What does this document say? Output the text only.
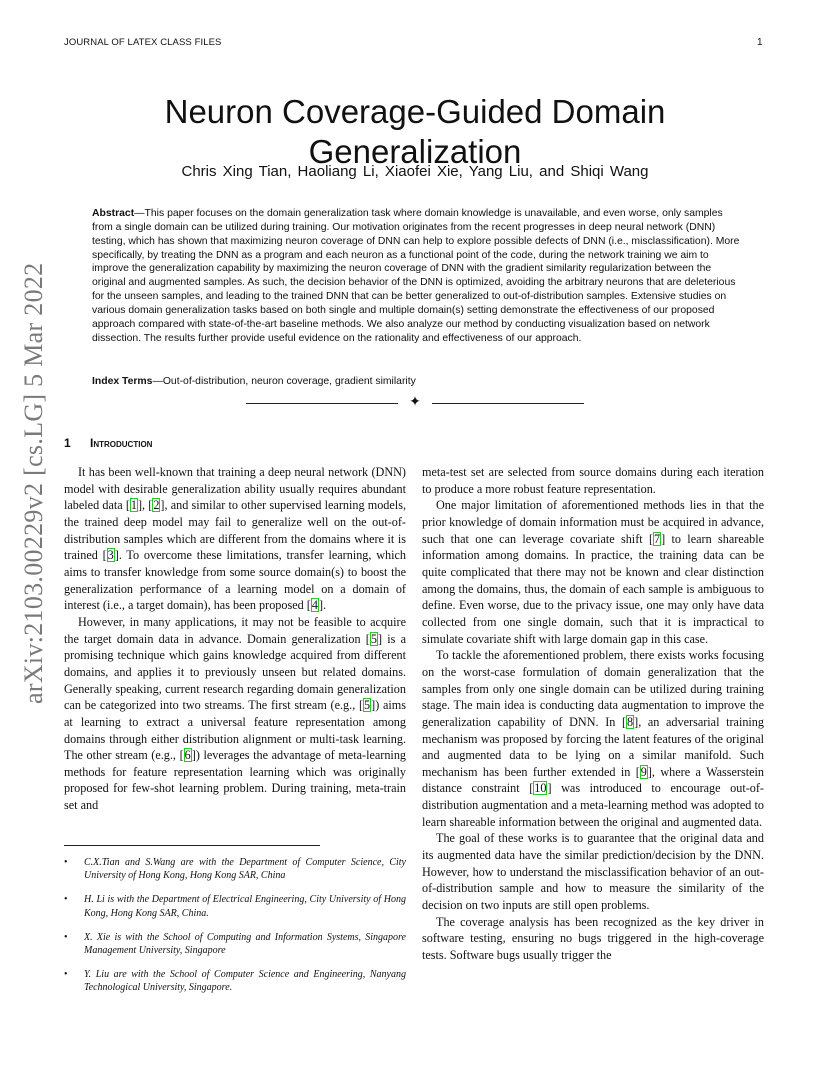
JOURNAL OF LATEX CLASS FILES	1
arXiv:2103.00229v2 [cs.LG] 5 Mar 2022
Neuron Coverage-Guided Domain Generalization
Chris Xing Tian, Haoliang Li, Xiaofei Xie, Yang Liu, and Shiqi Wang
Abstract—This paper focuses on the domain generalization task where domain knowledge is unavailable, and even worse, only samples from a single domain can be utilized during training. Our motivation originates from the recent progresses in deep neural network (DNN) testing, which has shown that maximizing neuron coverage of DNN can help to explore possible defects of DNN (i.e., misclassification). More specifically, by treating the DNN as a program and each neuron as a functional point of the code, during the network training we aim to improve the generalization capability by maximizing the neuron coverage of DNN with the gradient similarity regularization between the original and augmented samples. As such, the decision behavior of the DNN is optimized, avoiding the arbitrary neurons that are deleterious for the unseen samples, and leading to the trained DNN that can be better generalized to out-of-distribution samples. Extensive studies on various domain generalization tasks based on both single and multiple domain(s) setting demonstrate the effectiveness of our proposed approach compared with state-of-the-art baseline methods. We also analyze our method by conducting visualization based on network dissection. The results further provide useful evidence on the rationality and effectiveness of our approach.
Index Terms—Out-of-distribution, neuron coverage, gradient similarity
✦
1 Introduction

It has been well-known that training a deep neural network (DNN) model with desirable generalization ability usually requires abundant labeled data [1], [2], and similar to other supervised learning models, the trained deep model may fail to generalize well on the out-of-distribution samples which are different from the domains where it is trained [3]. To overcome these limitations, transfer learning, which aims to transfer knowledge from some source domain(s) to boost the generalization performance of a learning model on a domain of interest (i.e., a target domain), has been proposed [4].

However, in many applications, it may not be feasible to acquire the target domain data in advance. Domain generalization [5] is a promising technique which gains knowledge acquired from different domains, and applies it to previously unseen but related domains. Generally speaking, current research regarding domain generalization can be categorized into two streams. The first stream (e.g., [5]) aims at learning to extract a universal feature representation among domains through either distribution alignment or multi-task learning. The other stream (e.g., [6]) leverages the advantage of meta-learning methods for feature representation learning which was originally proposed for few-shot learning problem. During training, meta-train set and

meta-test set are selected from source domains during each iteration to produce a more robust feature representation.

One major limitation of aforementioned methods lies in that the prior knowledge of domain information must be acquired in advance, such that one can leverage covariate shift [7] to learn shareable information among domains. In practice, the training data can be quite complicated that there may not be known and clear distinction among the domains, thus, the domain of each sample is ambiguous to define. Even worse, due to the privacy issue, one may only have data collected from one single domain, such that it is impractical to simulate covariate shift with large domain gap in this case.

To tackle the aforementioned problem, there exists works focusing on the worst-case formulation of domain generalization that the samples from only one single domain can be utilized during training stage. The main idea is conducting data augmentation to improve the generalization capability of DNN. In [8], an adversarial training mechanism was proposed by forcing the latent features of the original and augmented data to be lying on a similar manifold. Such mechanism has been further extended in [9], where a Wasserstein distance constraint [10] was introduced to encourage out-of-distribution augmentation and a meta-learning method was adopted to learn shareable information between the original and augmented data.

The goal of these works is to guarantee that the original data and its augmented data have the similar prediction/decision by the DNN. However, how to understand the misclassification behavior of an out-of-distribution sample and how to measure the similarity of the decision on two inputs are still open problems.

The coverage analysis has been recognized as the key driver in software testing, ensuring no bugs triggered in the high-coverage tests. Software bugs usually trigger the

• C.X.Tian and S.Wang are with the Department of Computer Science, City University of Hong Kong, Hong Kong SAR, China
• H. Li is with the Department of Electrical Engineering, City University of Hong Kong, Hong Kong SAR, China.
• X. Xie is with the School of Computing and Information Systems, Singapore Management University, Singapore
• Y. Liu are with the School of Computer Science and Engineering, Nanyang Technological University, Singapore.
